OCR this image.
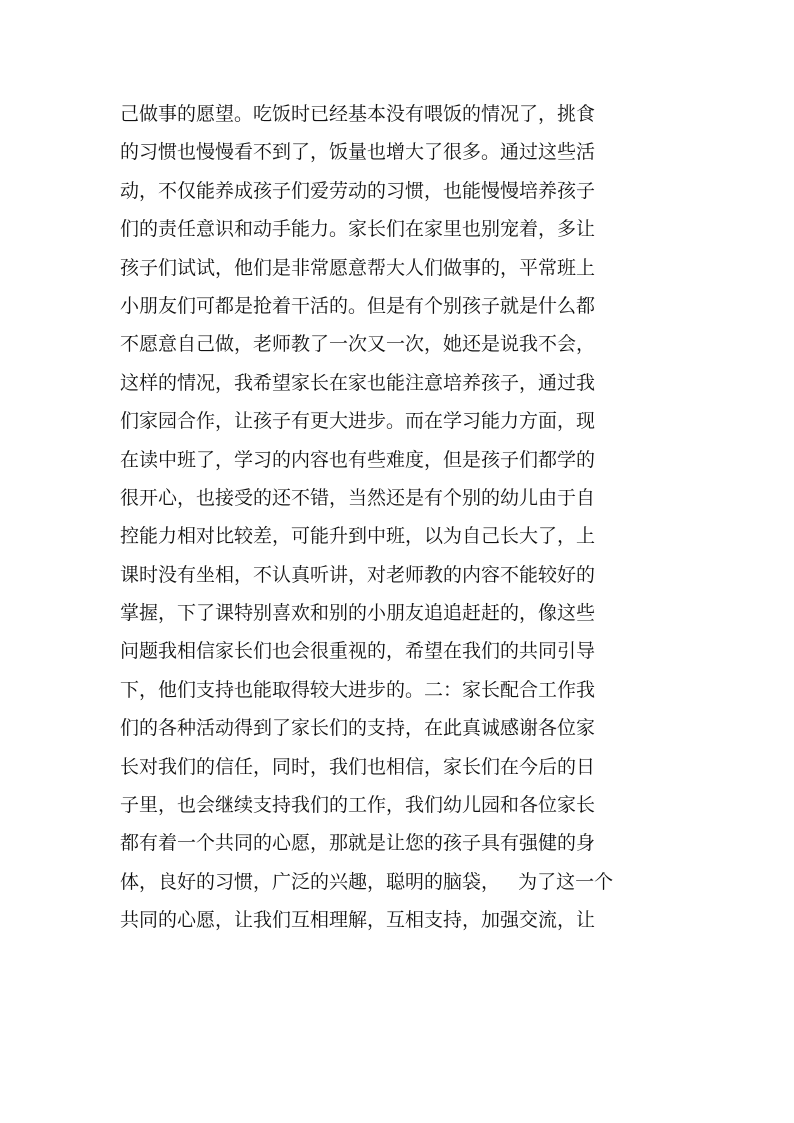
己做事的愿望。吃饭时已经基本没有喂饭的情况了，挑食
的习惯也慢慢看不到了，饭量也增大了很多。通过这些活
动，不仅能养成孩子们爱劳动的习惯，也能慢慢培养孩子
们的责任意识和动手能力。家长们在家里也别宠着，多让
孩子们试试，他们是非常愿意帮大人们做事的，平常班上
小朋友们可都是抢着干活的。但是有个别孩子就是什么都
不愿意自己做，老师教了一次又一次，她还是说我不会，
这样的情况，我希望家长在家也能注意培养孩子，通过我
们家园合作，让孩子有更大进步。而在学习能力方面，现
在读中班了，学习的内容也有些难度，但是孩子们都学的
很开心，也接受的还不错，当然还是有个别的幼儿由于自
控能力相对比较差，可能升到中班，以为自己长大了，上
课时没有坐相，不认真听讲，对老师教的内容不能较好的
掌握，下了课特别喜欢和别的小朋友追追赶赶的，像这些
问题我相信家长们也会很重视的，希望在我们的共同引导
下，他们支持也能取得较大进步的。二：家长配合工作我
们的各种活动得到了家长们的支持，在此真诚感谢各位家
长对我们的信任，同时，我们也相信，家长们在今后的日
子里，也会继续支持我们的工作，我们幼儿园和各位家长
都有着一个共同的心愿，那就是让您的孩子具有强健的身
体，良好的习惯，广泛的兴趣，聪明的脑袋，   为了这一个
共同的心愿，让我们互相理解，互相支持，加强交流，让
